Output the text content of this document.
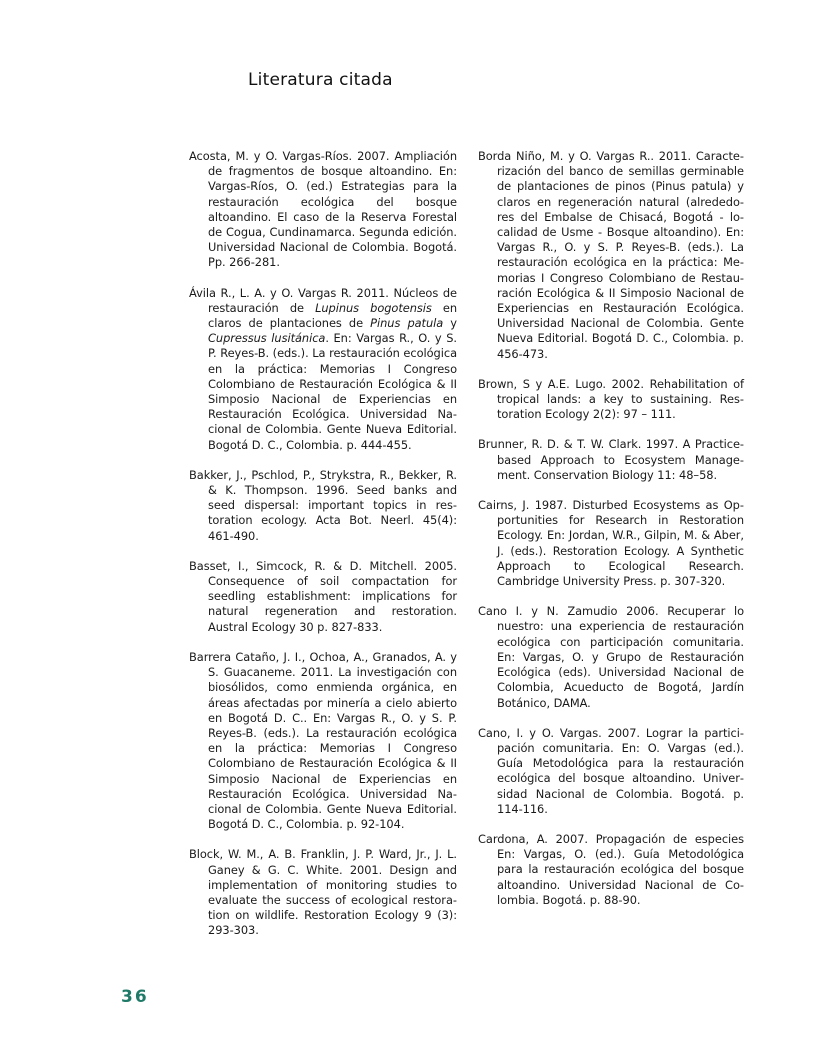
Literatura citada

Acosta, M. y O. Vargas-Ríos. 2007. Ampliación de fragmentos de bosque altoandino. En: Vargas-Ríos, O. (ed.) Estrategias para la restauración ecológica del bosque altoandino. El caso de la Reserva Forestal de Cogua, Cundinamarca. Segunda edición. Universidad Nacional de Colombia. Bogotá. Pp. 266-281.

Ávila R., L. A. y O. Vargas R. 2011. Núcleos de restauración de Lupinus bogotensis en claros de plantaciones de Pinus patula y Cupressus lusitánica. En: Vargas R., O. y S. P. Reyes-B. (eds.). La restauración ecológica en la práctica: Memorias I Congreso Colombiano de Restauración Ecológica & II Simposio Nacional de Experiencias en Restauración Ecológica. Universidad Nacional de Colombia. Gente Nueva Editorial. Bogotá D. C., Colombia. p. 444-455.

Bakker, J., Pschlod, P., Strykstra, R., Bekker, R. & K. Thompson. 1996. Seed banks and seed dispersal: important topics in restoration ecology. Acta Bot. Neerl. 45(4): 461-490.

Basset, I., Simcock, R. & D. Mitchell. 2005. Consequence of soil compactation for seedling establishment: implications for natural regeneration and restoration. Austral Ecology 30 p. 827-833.

Barrera Cataño, J. I., Ochoa, A., Granados, A. y S. Guacaneme. 2011. La investigación con biosólidos, como enmienda orgánica, en áreas afectadas por minería a cielo abierto en Bogotá D. C.. En: Vargas R., O. y S. P. Reyes-B. (eds.). La restauración ecológica en la práctica: Memorias I Congreso Colombiano de Restauración Ecológica & II Simposio Nacional de Experiencias en Restauración Ecológica. Universidad Nacional de Colombia. Gente Nueva Editorial. Bogotá D. C., Colombia. p. 92-104.

Block, W. M., A. B. Franklin, J. P. Ward, Jr., J. L. Ganey & G. C. White. 2001. Design and implementation of monitoring studies to evaluate the success of ecological restoration on wildlife. Restoration Ecology 9 (3): 293-303.

Borda Niño, M. y O. Vargas R.. 2011. Caracterización del banco de semillas germinable de plantaciones de pinos (Pinus patula) y claros en regeneración natural (alrededores del Embalse de Chisacá, Bogotá - localidad de Usme - Bosque altoandino). En: Vargas R., O. y S. P. Reyes-B. (eds.). La restauración ecológica en la práctica: Memorias I Congreso Colombiano de Restauración Ecológica & II Simposio Nacional de Experiencias en Restauración Ecológica. Universidad Nacional de Colombia. Gente Nueva Editorial. Bogotá D. C., Colombia. p. 456-473.

Brown, S y A.E. Lugo. 2002. Rehabilitation of tropical lands: a key to sustaining. Restoration Ecology 2(2): 97 – 111.

Brunner, R. D. & T. W. Clark. 1997. A Practice-based Approach to Ecosystem Management. Conservation Biology 11: 48–58.

Cairns, J. 1987. Disturbed Ecosystems as Opportunities for Research in Restoration Ecology. En: Jordan, W.R., Gilpin, M. & Aber, J. (eds.). Restoration Ecology. A Synthetic Approach to Ecological Research. Cambridge University Press. p. 307-320.

Cano I. y N. Zamudio 2006. Recuperar lo nuestro: una experiencia de restauración ecológica con participación comunitaria. En: Vargas, O. y Grupo de Restauración Ecológica (eds). Universidad Nacional de Colombia, Acueducto de Bogotá, Jardín Botánico, DAMA.

Cano, I. y O. Vargas. 2007. Lograr la participación comunitaria. En: O. Vargas (ed.). Guía Metodológica para la restauración ecológica del bosque altoandino. Universidad Nacional de Colombia. Bogotá. p. 114-116.

Cardona, A. 2007. Propagación de especies En: Vargas, O. (ed.). Guía Metodológica para la restauración ecológica del bosque altoandino. Universidad Nacional de Colombia. Bogotá. p. 88-90.

36
